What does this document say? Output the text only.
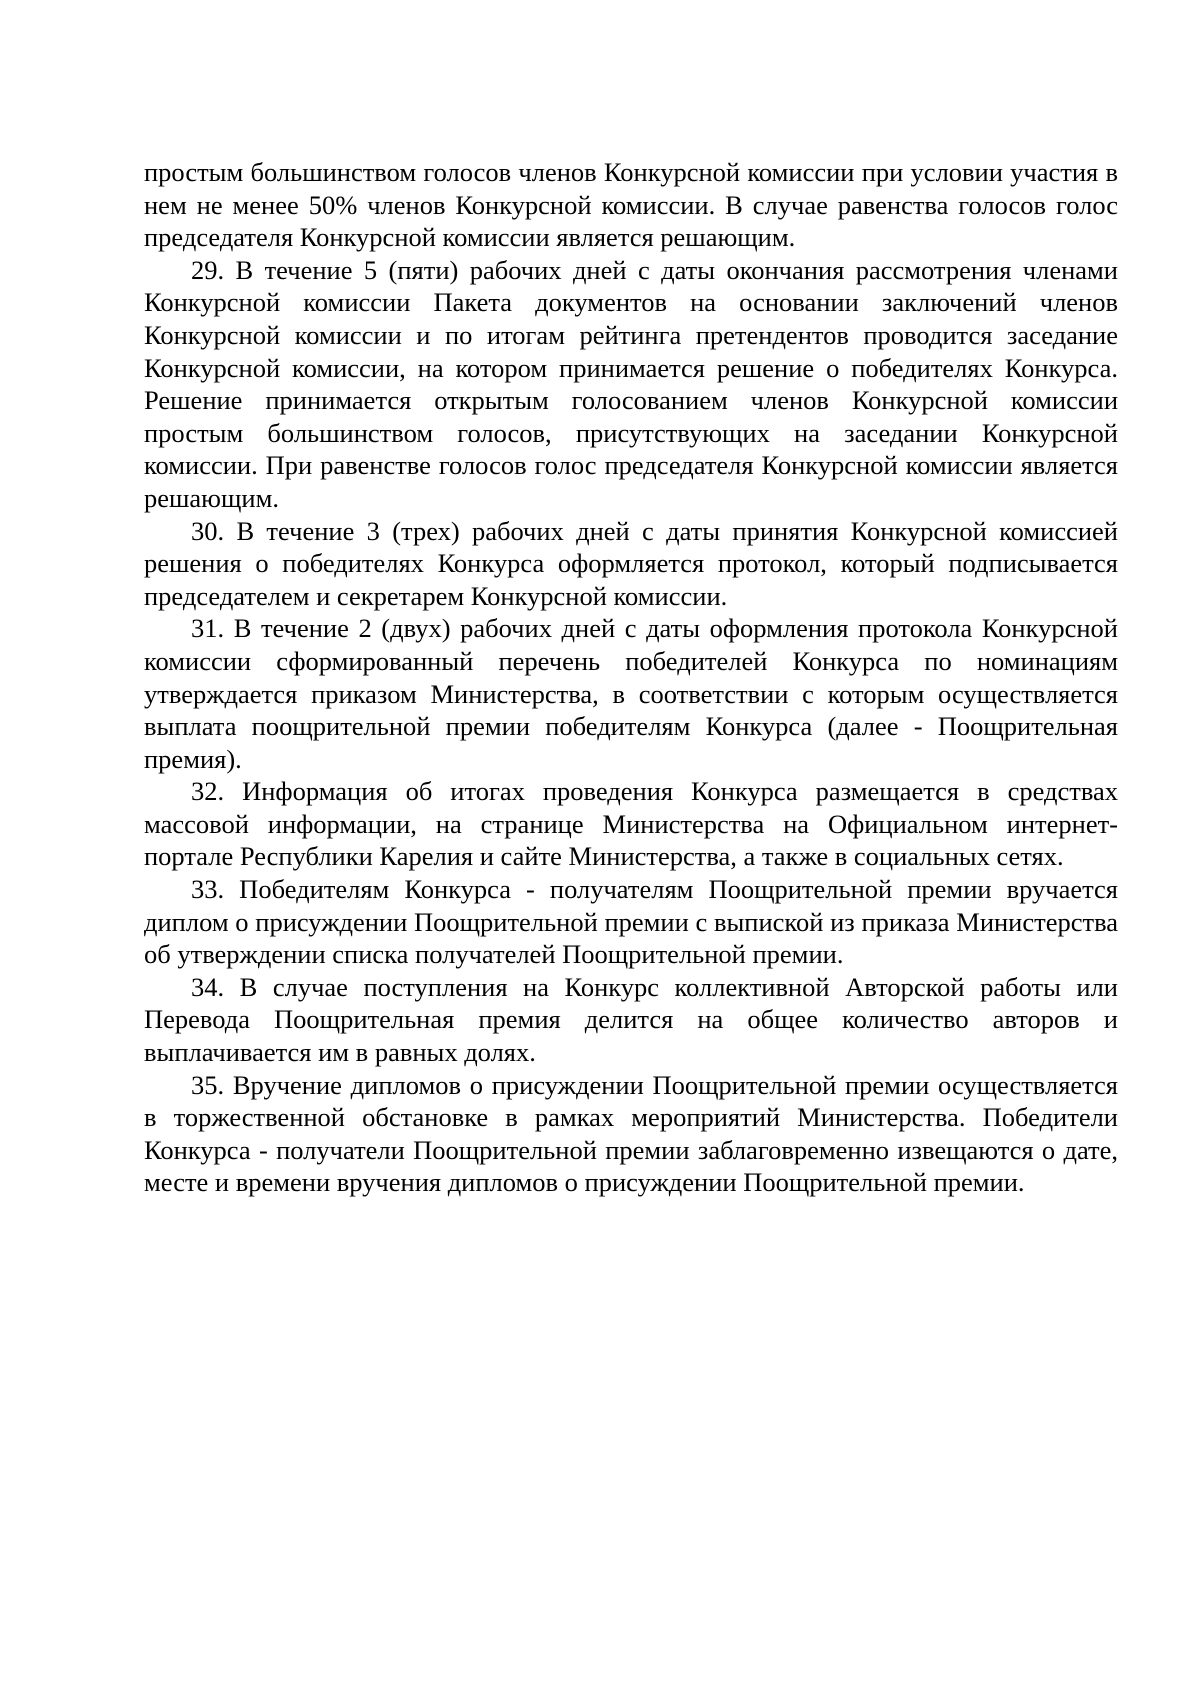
простым большинством голосов членов Конкурсной комиссии при условии участия в нем не менее 50% членов Конкурсной комиссии. В случае равенства голосов голос председателя Конкурсной комиссии является решающим.

29. В течение 5 (пяти) рабочих дней с даты окончания рассмотрения членами Конкурсной комиссии Пакета документов на основании заключений членов Конкурсной комиссии и по итогам рейтинга претендентов проводится заседание Конкурсной комиссии, на котором принимается решение о победителях Конкурса. Решение принимается открытым голосованием членов Конкурсной комиссии простым большинством голосов, присутствующих на заседании Конкурсной комиссии. При равенстве голосов голос председателя Конкурсной комиссии является решающим.

30. В течение 3 (трех) рабочих дней с даты принятия Конкурсной комиссией решения о победителях Конкурса оформляется протокол, который подписывается председателем и секретарем Конкурсной комиссии.

31. В течение 2 (двух) рабочих дней с даты оформления протокола Конкурсной комиссии сформированный перечень победителей Конкурса по номинациям утверждается приказом Министерства, в соответствии с которым осуществляется выплата поощрительной премии победителям Конкурса (далее - Поощрительная премия).

32. Информация об итогах проведения Конкурса размещается в средствах массовой информации, на странице Министерства на Официальном интернет-портале Республики Карелия и сайте Министерства, а также в социальных сетях.

33. Победителям Конкурса - получателям Поощрительной премии вручается диплом о присуждении Поощрительной премии с выпиской из приказа Министерства об утверждении списка получателей Поощрительной премии.

34. В случае поступления на Конкурс коллективной Авторской работы или Перевода Поощрительная премия делится на общее количество авторов и выплачивается им в равных долях.

35. Вручение дипломов о присуждении Поощрительной премии осуществляется в торжественной обстановке в рамках мероприятий Министерства. Победители Конкурса - получатели Поощрительной премии заблаговременно извещаются о дате, месте и времени вручения дипломов о присуждении Поощрительной премии.
